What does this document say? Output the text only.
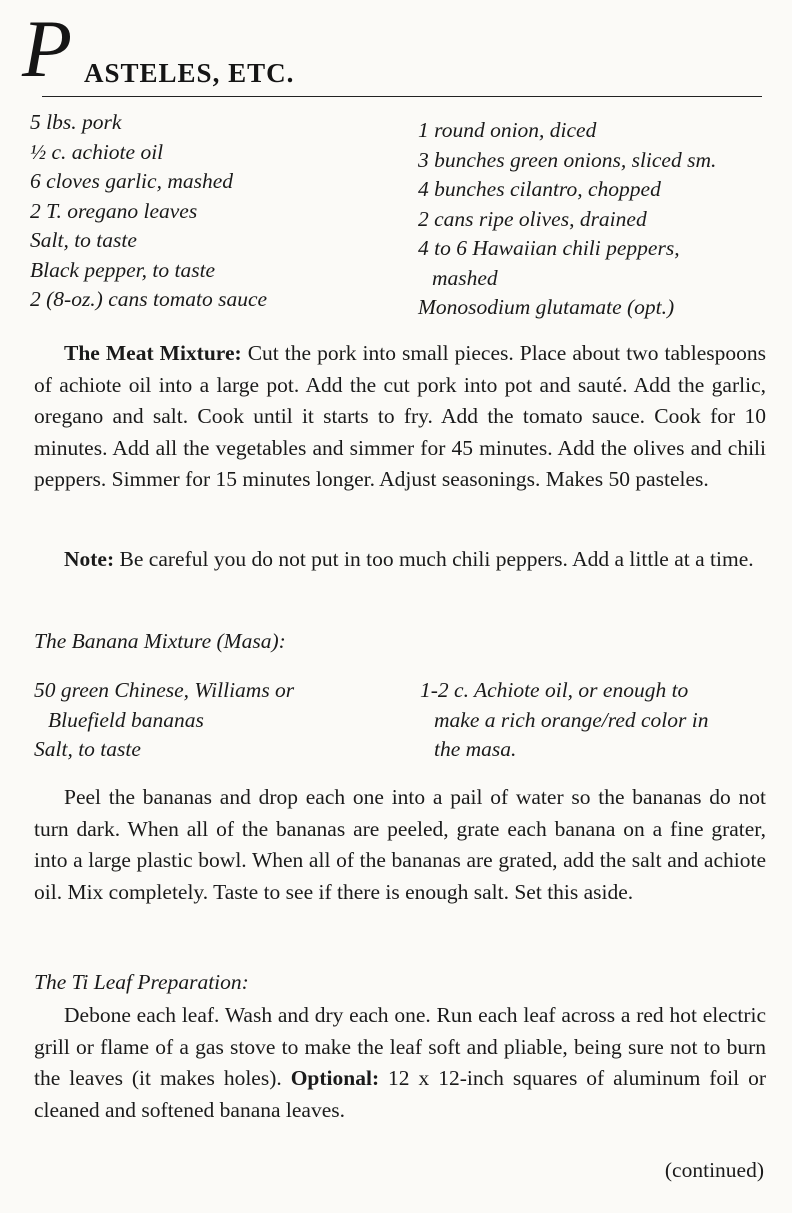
P ASTELES, ETC.
5 lbs. pork
½ c. achiote oil
6 cloves garlic, mashed
2 T. oregano leaves
Salt, to taste
Black pepper, to taste
2 (8-oz.) cans tomato sauce
1 round onion, diced
3 bunches green onions, sliced sm.
4 bunches cilantro, chopped
2 cans ripe olives, drained
4 to 6 Hawaiian chili peppers,
mashed
Monosodium glutamate (opt.)
The Meat Mixture: Cut the pork into small pieces. Place about two tablespoons of achiote oil into a large pot. Add the cut pork into pot and sauté. Add the garlic, oregano and salt. Cook until it starts to fry. Add the tomato sauce. Cook for 10 minutes. Add all the vegetables and simmer for 45 minutes. Add the olives and chili peppers. Simmer for 15 minutes longer. Adjust seasonings. Makes 50 pasteles.
Note: Be careful you do not put in too much chili peppers. Add a little at a time.
The Banana Mixture (Masa):
50 green Chinese, Williams or
Bluefield bananas
Salt, to taste
1-2 c. Achiote oil, or enough to
make a rich orange/red color in
the masa.
Peel the bananas and drop each one into a pail of water so the bananas do not turn dark. When all of the bananas are peeled, grate each banana on a fine grater, into a large plastic bowl. When all of the bananas are grated, add the salt and achiote oil. Mix completely. Taste to see if there is enough salt. Set this aside.
The Ti Leaf Preparation:
Debone each leaf. Wash and dry each one. Run each leaf across a red hot electric grill or flame of a gas stove to make the leaf soft and pliable, being sure not to burn the leaves (it makes holes). Optional: 12 x 12-inch squares of aluminum foil or cleaned and softened banana leaves.
(continued)
